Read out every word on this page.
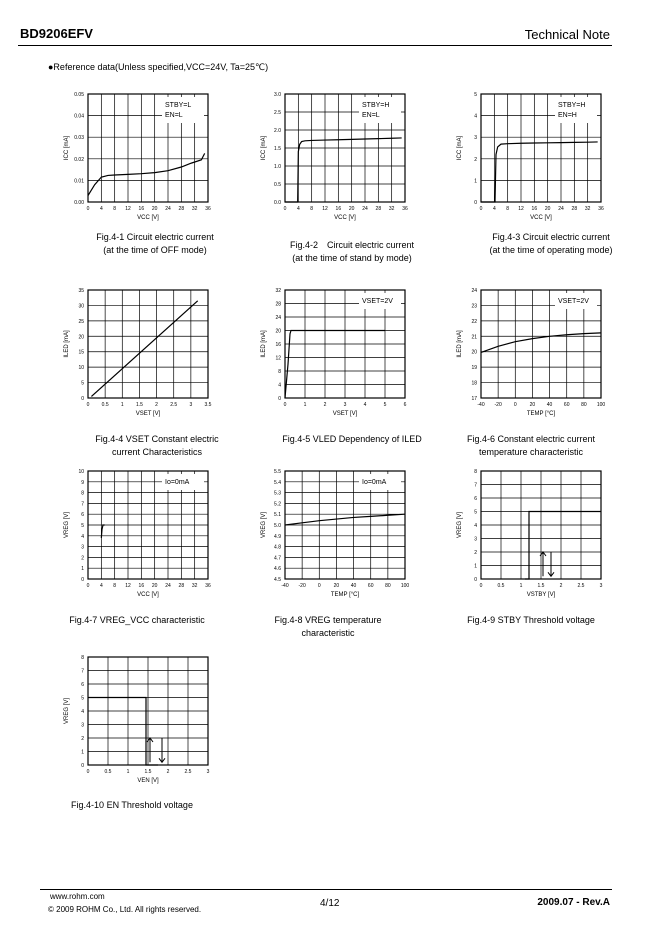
BD9206EFV	Technical Note
●Reference data(Unless specified,VCC=24V, Ta=25℃)
0 4 8 12 16 20 24 28 32 36
0.00
0.01
0.02
0.03
0.04
0.05
VCC [V]
ICC [mA]
STBY=L
EN=L
Fig.4-1 Circuit electric current
(at the time of OFF mode)
0 4 8 12 16 20 24 28 32 36
0.0
0.5
1.0
1.5
2.0
2.5
3.0
VCC [V]
ICC [mA]
STBY=H
EN=L
Fig.4-2　Circuit electric current
(at the time of stand by mode)
0 4 8 12 16 20 24 28 32 36
0
1
2
3
4
5
VCC [V]
ICC [mA]
STBY=H
EN=H
Fig.4-3 Circuit electric current
(at the time of operating mode)
0 0.5 1 1.5 2 2.5 3 3.5
0
5
10
15
20
25
30
35
VSET [V]
ILED [mA]
Fig.4-4 VSET Constant electric
current Characteristics
0	1	2	3	4	5	6
0
4
8
12
16
20
24
28
32
VSET [V]
ILED [mA]
VSET=2V
Fig.4-5 VLED Dependency of ILED
-40 -20 0	20 40 60 80 100
17
18
19
20
21
22
23
24
TEMP [°C]
ILED [mA]
VSET=2V
Fig.4-6 Constant electric current
temperature characteristic
0 4 8 12 16 20 24 28 32 36
0
1
2
3
4
5
6
7
8
9
10
VCC [V]
VREG [V]
Io=0mA
Fig.4-7 VREG_VCC characteristic
-40 -20 0	20 40 60 80 100
4.5
4.6
4.7
4.8
4.9
5.0
5.1
5.2
5.3
5.4
5.5
TEMP [°C]
VREG [V]
Io=0mA
Fig.4-8 VREG temperature
characteristic
0	0.5	1	1.5	2	2.5	3
0
1
2
3
4
5
6
7
8
VSTBY [V]
VREG [V]
Fig.4-9 STBY Threshold voltage
0	0.5	1	1.5	2	2.5	3
0
1
2
3
4
5
6
7
8
VEN [V]
VREG [V]
Fig.4-10 EN Threshold voltage
www.rohm.com
© 2009 ROHM Co., Ltd. All rights reserved.
4/12	2009.07 - Rev.A
